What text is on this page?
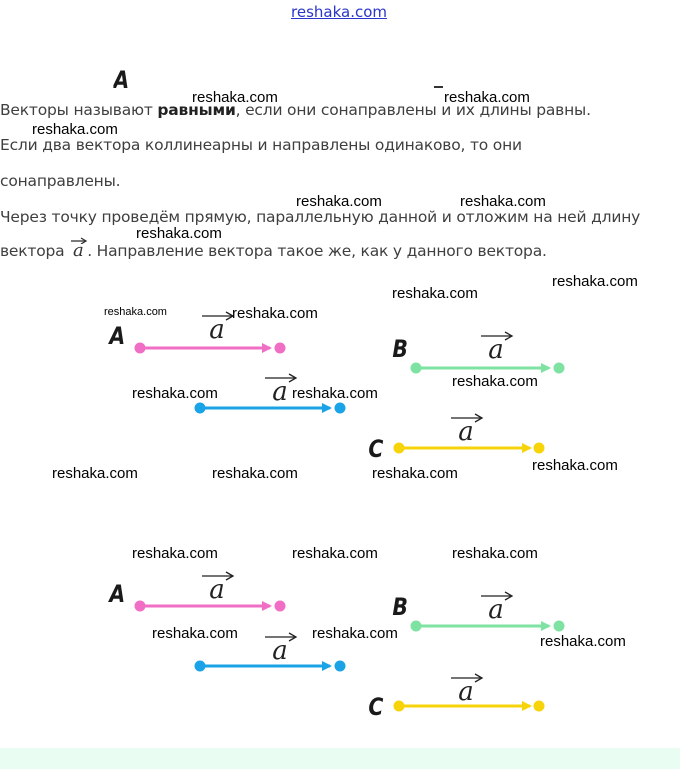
reshaka.com
A
Векторы называют равными, если они сонаправлены и их длины равны.
Если два вектора коллинеарны и направлены одинаково, то они
сонаправлены.
Через точку проведём прямую, параллельную данной и отложим на ней длину
вектора
a . Направление вектора такое же, как у данного вектора.
A	B
C
a
a
a
a
A	B
C
a
a
a
a
reshaka.com	reshaka.com
reshaka.com
reshaka.com	reshaka.com
reshaka.com
reshaka.com
reshaka.com
reshaka.com	reshaka.com
reshaka.com
reshaka.com	reshaka.com
reshaka.com
reshaka.com	reshaka.com	reshaka.com
reshaka.com	reshaka.com	reshaka.com
reshaka.com	reshaka.com	reshaka.com
